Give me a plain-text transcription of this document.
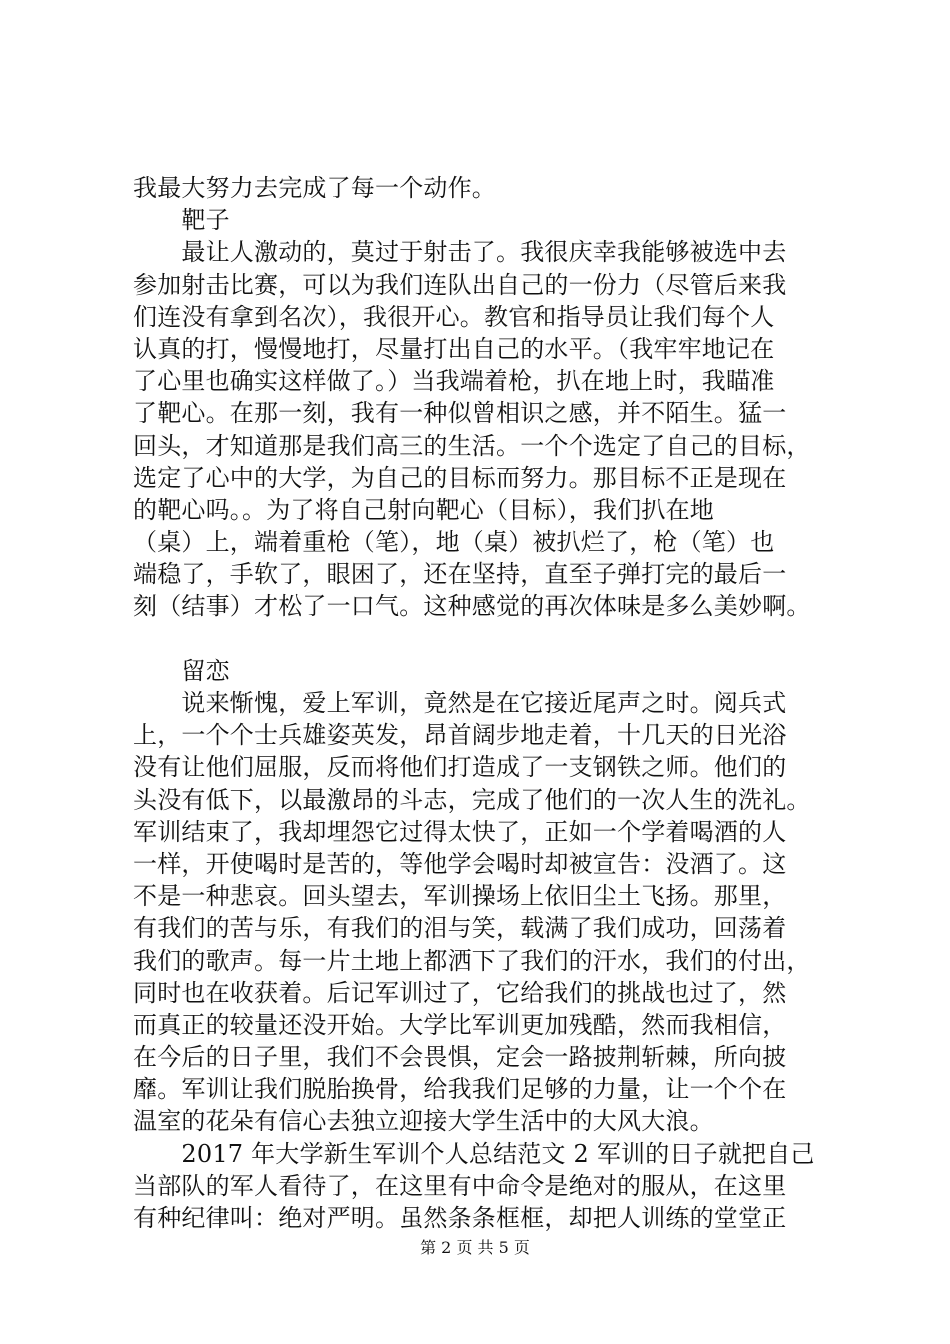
我最大努力去完成了每一个动作。
　　靶子
　　最让人激动的，莫过于射击了。我很庆幸我能够被选中去
参加射击比赛，可以为我们连队出自己的一份力（尽管后来我
们连没有拿到名次），我很开心。教官和指导员让我们每个人
认真的打，慢慢地打，尽量打出自己的水平。（我牢牢地记在
了心里也确实这样做了。）当我端着枪，扒在地上时，我瞄准
了靶心。在那一刻，我有一种似曾相识之感，并不陌生。猛一
回头，才知道那是我们高三的生活。一个个选定了自己的目标，
选定了心中的大学，为自己的目标而努力。那目标不正是现在
的靶心吗。。为了将自己射向靶心（目标），我们扒在地
（桌）上，端着重枪（笔），地（桌）被扒烂了，枪（笔）也
端稳了，手软了，眼困了，还在坚持，直至子弹打完的最后一
刻（结事）才松了一口气。这种感觉的再次体味是多么美妙啊。
　　留恋
　　说来惭愧，爱上军训，竟然是在它接近尾声之时。阅兵式
上，一个个士兵雄姿英发，昂首阔步地走着，十几天的日光浴
没有让他们屈服，反而将他们打造成了一支钢铁之师。他们的
头没有低下，以最激昂的斗志，完成了他们的一次人生的洗礼。
军训结束了，我却埋怨它过得太快了，正如一个学着喝酒的人
一样，开使喝时是苦的，等他学会喝时却被宣告：没酒了。这
不是一种悲哀。回头望去，军训操场上依旧尘土飞扬。那里，
有我们的苦与乐，有我们的泪与笑，载满了我们成功，回荡着
我们的歌声。每一片土地上都洒下了我们的汗水，我们的付出，
同时也在收获着。后记军训过了，它给我们的挑战也过了，然
而真正的较量还没开始。大学比军训更加残酷，然而我相信，
在今后的日子里，我们不会畏惧，定会一路披荆斩棘，所向披
靡。军训让我们脱胎换骨，给我我们足够的力量，让一个个在
温室的花朵有信心去独立迎接大学生活中的大风大浪。
　　2017 年大学新生军训个人总结范文 2 军训的日子就把自己
当部队的军人看待了，在这里有中命令是绝对的服从，在这里
有种纪律叫：绝对严明。虽然条条框框，却把人训练的堂堂正
第 2 页 共 5 页
